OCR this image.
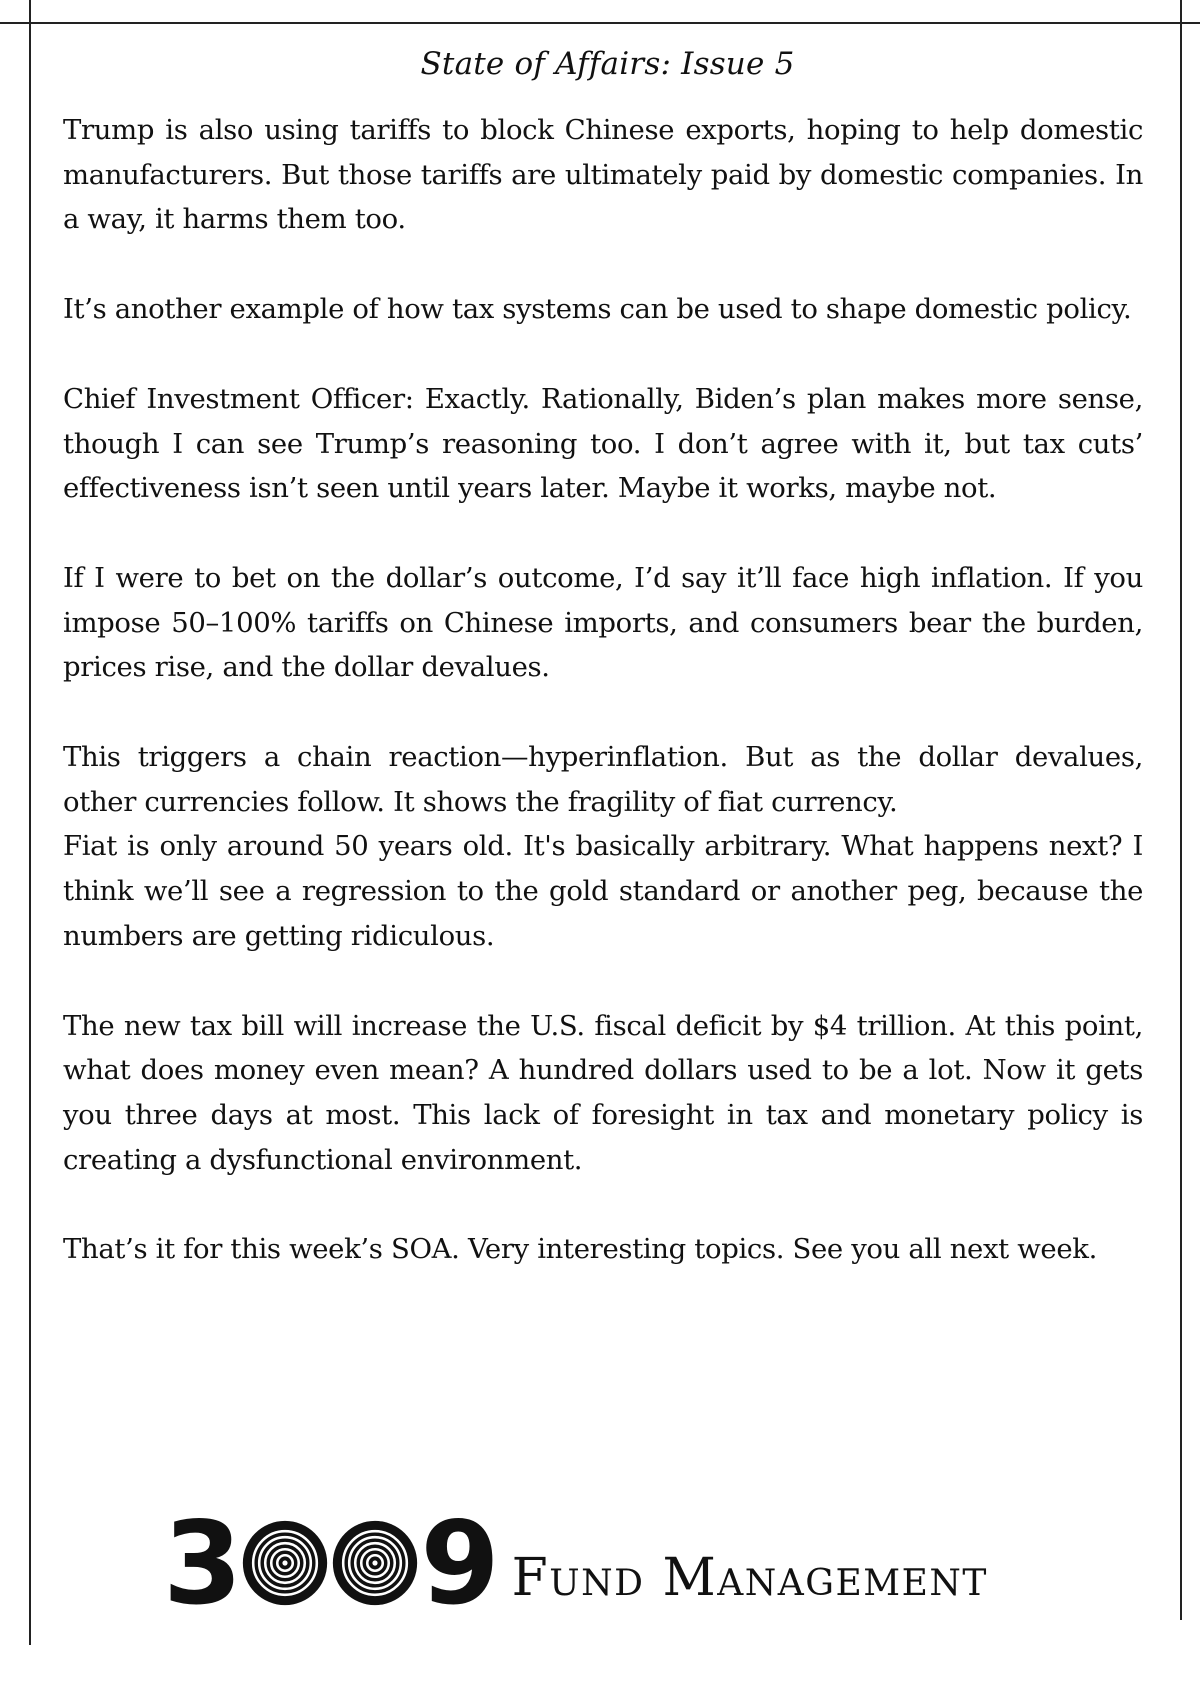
State of Affairs: Issue 5

Trump is also using tariffs to block Chinese exports, hoping to help domestic manufacturers. But those tariffs are ultimately paid by domestic companies. In a way, it harms them too.

It’s another example of how tax systems can be used to shape domestic policy.

Chief Investment Officer: Exactly. Rationally, Biden’s plan makes more sense, though I can see Trump’s reasoning too. I don’t agree with it, but tax cuts’ effectiveness isn’t seen until years later. Maybe it works, maybe not.

If I were to bet on the dollar’s outcome, I’d say it’ll face high inflation. If you impose 50–100% tariffs on Chinese imports, and consumers bear the burden, prices rise, and the dollar devalues.

This triggers a chain reaction—hyperinflation. But as the dollar devalues, other currencies follow. It shows the fragility of fiat currency.

Fiat is only around 50 years old. It's basically arbitrary. What happens next? I think we’ll see a regression to the gold standard or another peg, because the numbers are getting ridiculous.

The new tax bill will increase the U.S. fiscal deficit by $4 trillion. At this point, what does money even mean? A hundred dollars used to be a lot. Now it gets you three days at most. This lack of foresight in tax and monetary policy is creating a dysfunctional environment.

That’s it for this week’s SOA. Very interesting topics. See you all next week.

3 9 Fund Management
